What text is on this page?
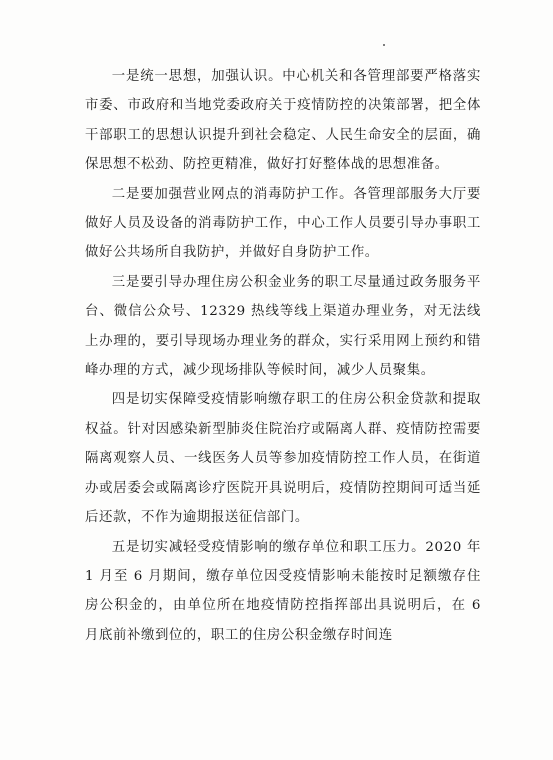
一是统一思想，加强认识。中心机关和各管理部要严格落实市委、市政府和当地党委政府关于疫情防控的决策部署，把全体干部职工的思想认识提升到社会稳定、人民生命安全的层面，确保思想不松劲、防控更精准，做好打好整体战的思想准备。

二是要加强营业网点的消毒防护工作。各管理部服务大厅要做好人员及设备的消毒防护工作，中心工作人员要引导办事职工做好公共场所自我防护，并做好自身防护工作。

三是要引导办理住房公积金业务的职工尽量通过政务服务平台、微信公众号、12329 热线等线上渠道办理业务，对无法线上办理的，要引导现场办理业务的群众，实行采用网上预约和错峰办理的方式，减少现场排队等候时间，减少人员聚集。

四是切实保障受疫情影响缴存职工的住房公积金贷款和提取权益。针对因感染新型肺炎住院治疗或隔离人群、疫情防控需要隔离观察人员、一线医务人员等参加疫情防控工作人员，在街道办或居委会或隔离诊疗医院开具说明后，疫情防控期间可适当延后还款，不作为逾期报送征信部门。

五是切实减轻受疫情影响的缴存单位和职工压力。2020 年 1 月至 6 月期间，缴存单位因受疫情影响未能按时足额缴存住房公积金的，由单位所在地疫情防控指挥部出具说明后，在 6 月底前补缴到位的，职工的住房公积金缴存时间连
